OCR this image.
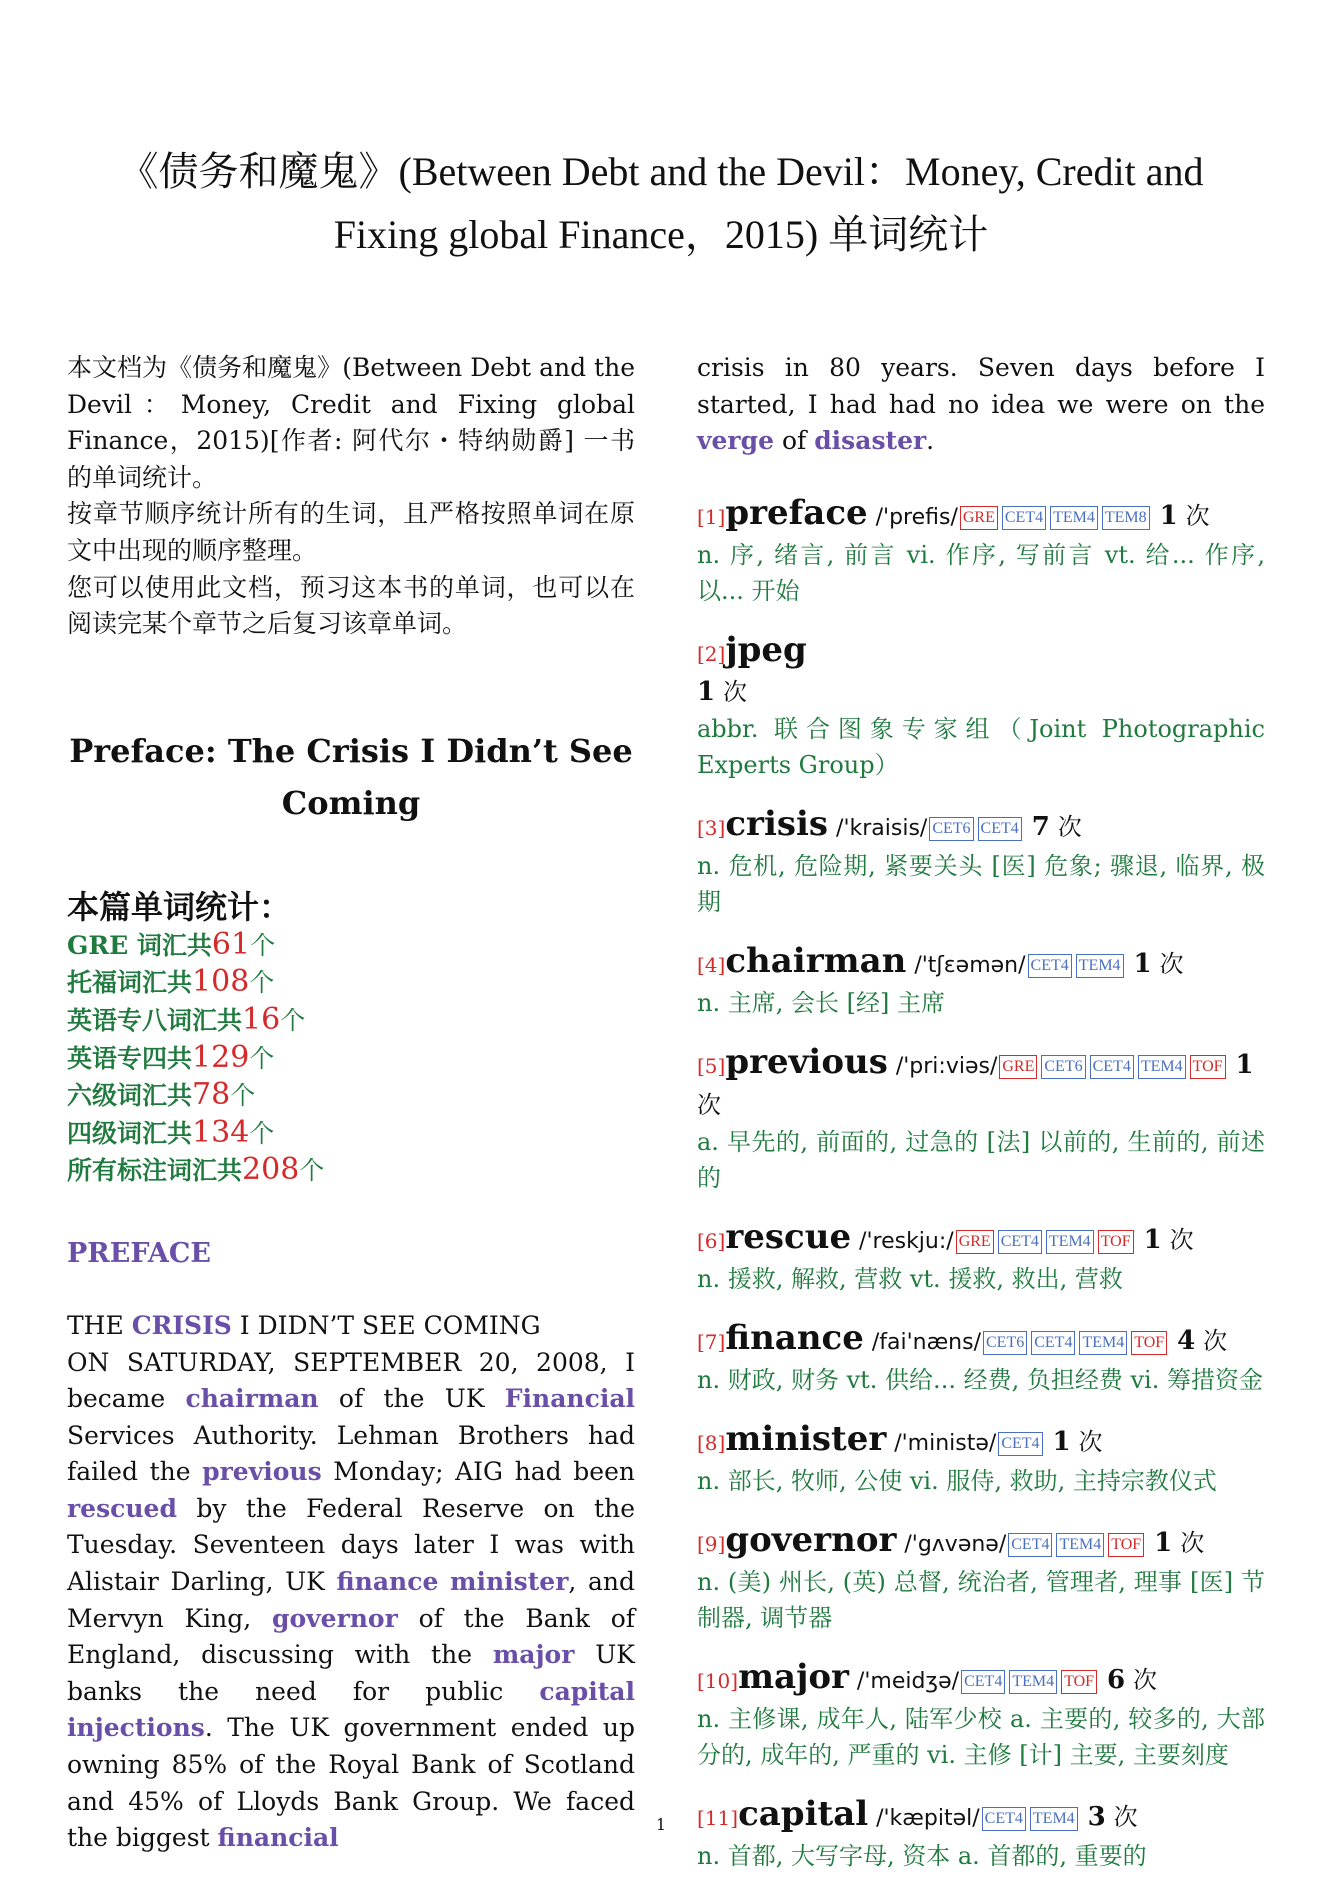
《债务和魔鬼》(Between Debt and the Devil：Money, Credit and
Fixing global Finance，2015) 单词统计

本文档为《债务和魔鬼》(Between Debt and the Devil：Money, Credit and Fixing global Finance，2015)[作者: 阿代尔・特纳勋爵] 一书的单词统计。

按章节顺序统计所有的生词，且严格按照单词在原文中出现的顺序整理。

您可以使用此文档，预习这本书的单词，也可以在阅读完某个章节之后复习该章单词。

Preface: The Crisis I Didn’t See Coming
本篇单词统计：
GRE 词汇共61个
托福词汇共108个
英语专八词汇共16个
英语专四共129个
六级词汇共78个
四级词汇共134个
所有标注词汇共208个
PREFACE
THE CRISIS I DIDN’T SEE COMING
ON SATURDAY, SEPTEMBER 20, 2008, I became chairman of the UK Financial Services Authority. Lehman Brothers had failed the previous Monday; AIG had been rescued by the Federal Reserve on the Tuesday. Seventeen days later I was with Alistair Darling, UK finance minister, and Mervyn King, governor of the Bank of England, discussing with the major UK banks the need for public capital injections. The UK government ended up owning 85% of the Royal Bank of Scotland and 45% of Lloyds Bank Group. We faced the biggest financial
crisis in 80 years. Seven days before I started, I had had no idea we were on the verge of disaster.
[1]preface /'prefis/ GRE CET4 TEM4 TEM8 1 次
n. 序, 绪言, 前言 vi. 作序, 写前言 vt. 给... 作序, 以... 开始
[2]jpeg
1 次
abbr. 联合图象专家组（Joint Photographic Experts Group）
[3]crisis /'kraisis/ CET6 CET4 7 次
n. 危机, 危险期, 紧要关头 [医] 危象; 骤退, 临界, 极期
[4]chairman /'tʃɛəmən/ CET4 TEM4 1 次
n. 主席, 会长 [经] 主席
[5]previous /'pri:viəs/ GRE CET6 CET4 TEM4 TOF 1 次
a. 早先的, 前面的, 过急的 [法] 以前的, 生前的, 前述的
[6]rescue /'reskju:/ GRE CET4 TEM4 TOF 1 次
n. 援救, 解救, 营救 vt. 援救, 救出, 营救
[7]finance /fai'næns/ CET6 CET4 TEM4 TOF 4 次
n. 财政, 财务 vt. 供给... 经费, 负担经费 vi. 筹措资金
[8]minister /'ministə/ CET4 1 次
n. 部长, 牧师, 公使 vi. 服侍, 救助, 主持宗教仪式
[9]governor /'gʌvənə/ CET4 TEM4 TOF 1 次
n. (美) 州长, (英) 总督, 统治者, 管理者, 理事 [医] 节制器, 调节器
[10]major /'meidʒə/ CET4 TEM4 TOF 6 次
n. 主修课, 成年人, 陆军少校 a. 主要的, 较多的, 大部分的, 成年的, 严重的 vi. 主修 [计] 主要, 主要刻度
[11]capital /'kæpitəl/ CET4 TEM4 3 次
n. 首都, 大写字母, 资本 a. 首都的, 重要的
1
